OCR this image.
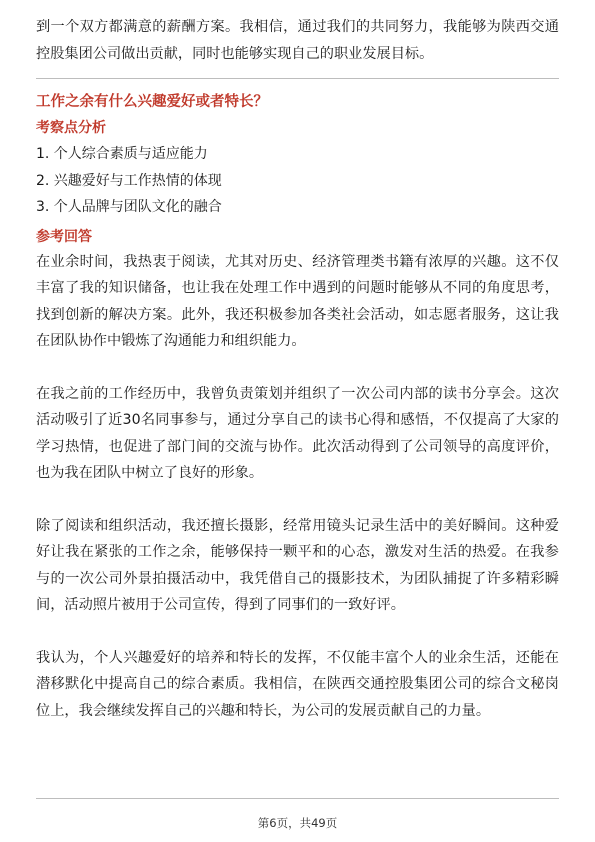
到一个双方都满意的薪酬方案。我相信，通过我们的共同努力，我能够为陕西交通控股集团公司做出贡献，同时也能够实现自己的职业发展目标。

工作之余有什么兴趣爱好或者特长？
考察点分析
1. 个人综合素质与适应能力
2. 兴趣爱好与工作热情的体现
3. 个人品牌与团队文化的融合
参考回答

在业余时间，我热衷于阅读，尤其对历史、经济管理类书籍有浓厚的兴趣。这不仅丰富了我的知识储备，也让我在处理工作中遇到的问题时能够从不同的角度思考，找到创新的解决方案。此外，我还积极参加各类社会活动，如志愿者服务，这让我在团队协作中锻炼了沟通能力和组织能力。

在我之前的工作经历中，我曾负责策划并组织了一次公司内部的读书分享会。这次活动吸引了近30名同事参与，通过分享自己的读书心得和感悟，不仅提高了大家的学习热情，也促进了部门间的交流与协作。此次活动得到了公司领导的高度评价，也为我在团队中树立了良好的形象。

除了阅读和组织活动，我还擅长摄影，经常用镜头记录生活中的美好瞬间。这种爱好让我在紧张的工作之余，能够保持一颗平和的心态，激发对生活的热爱。在我参与的一次公司外景拍摄活动中，我凭借自己的摄影技术，为团队捕捉了许多精彩瞬间，活动照片被用于公司宣传，得到了同事们的一致好评。

我认为，个人兴趣爱好的培养和特长的发挥，不仅能丰富个人的业余生活，还能在潜移默化中提高自己的综合素质。我相信，在陕西交通控股集团公司的综合文秘岗位上，我会继续发挥自己的兴趣和特长，为公司的发展贡献自己的力量。

第6页，共49页
